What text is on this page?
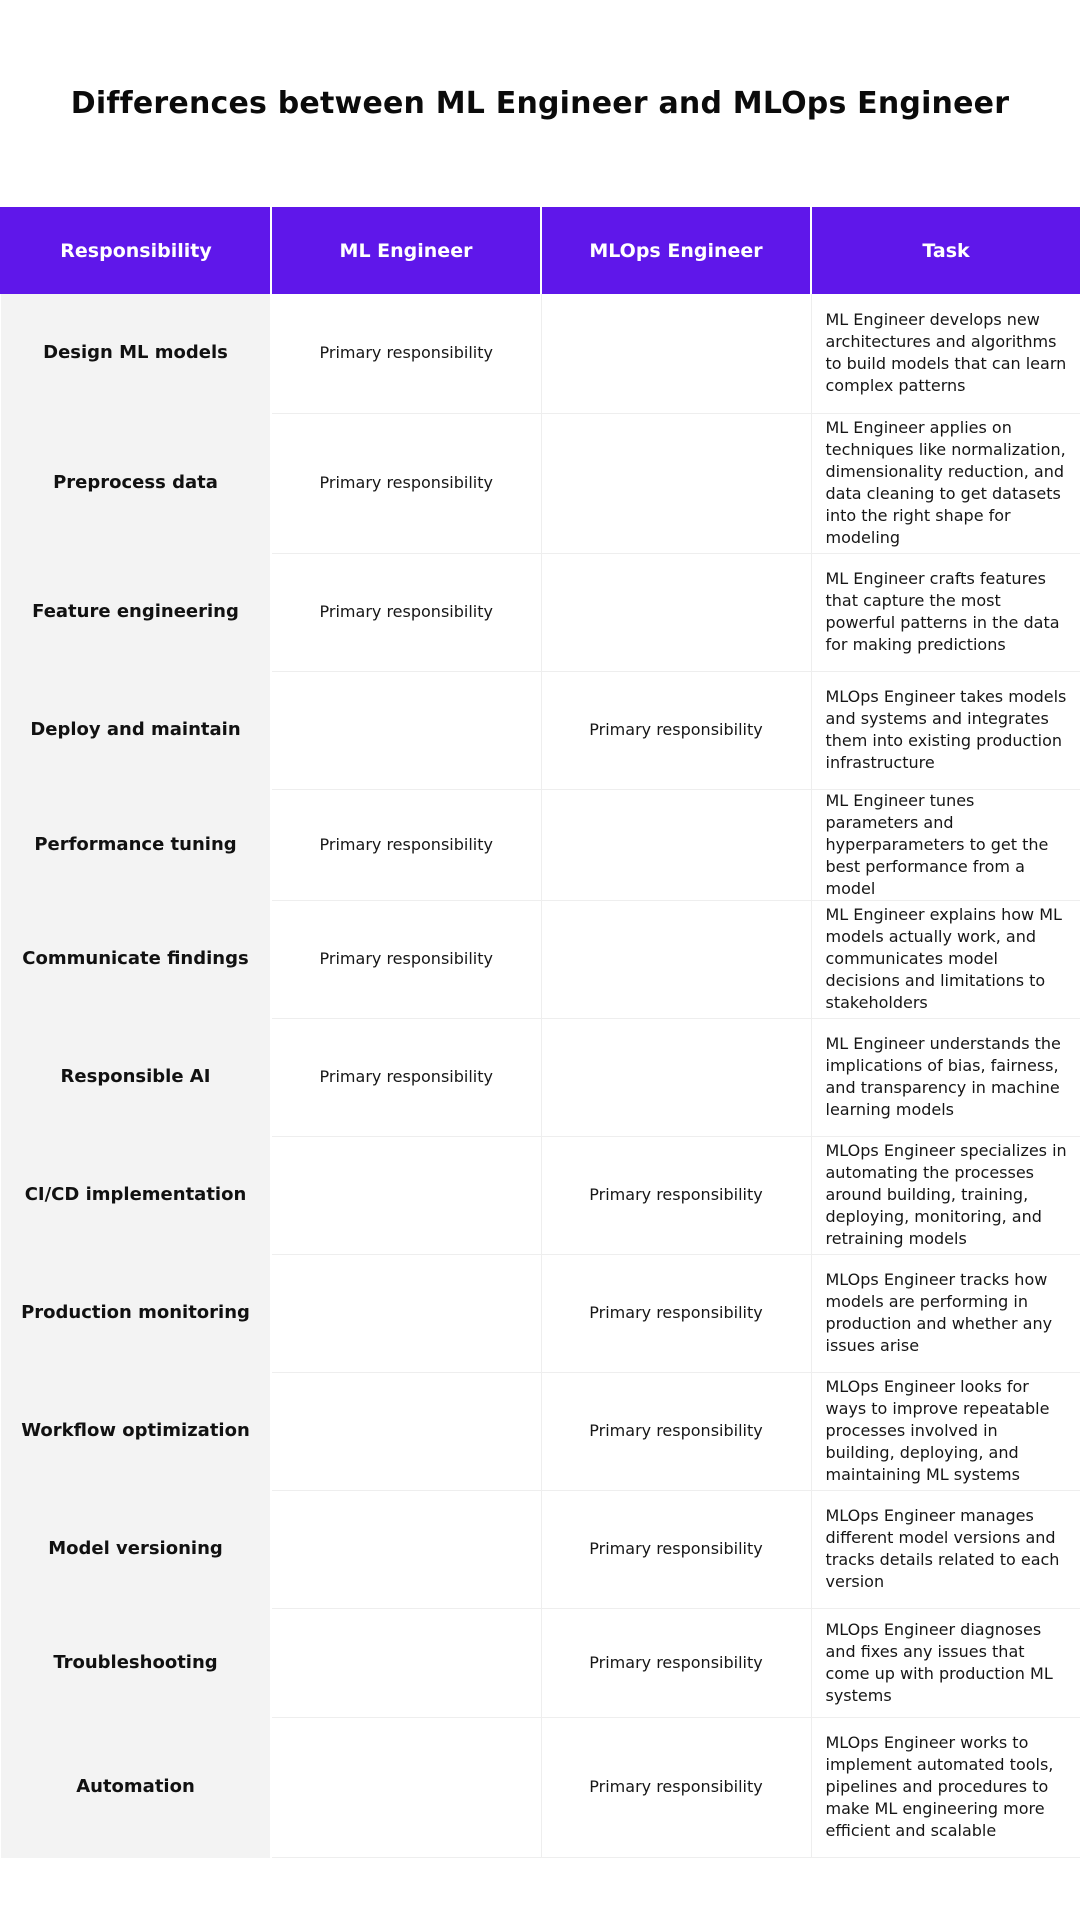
Differences between ML Engineer and MLOps Engineer
Responsibility	ML Engineer	MLOps Engineer	Task
Design ML models	Primary responsibility		ML Engineer develops new architectures and algorithms to build models that can learn complex patterns
Preprocess data	Primary responsibility		ML Engineer applies on techniques like normalization, dimensionality reduction, and data cleaning to get datasets into the right shape for modeling
Feature engineering	Primary responsibility		ML Engineer crafts features that capture the most powerful patterns in the data for making predictions
Deploy and maintain		Primary responsibility	MLOps Engineer takes models and systems and integrates them into existing production infrastructure
Performance tuning	Primary responsibility		ML Engineer tunes parameters and hyperparameters to get the best performance from a model
Communicate findings	Primary responsibility		ML Engineer explains how ML models actually work, and communicates model decisions and limitations to stakeholders
Responsible AI	Primary responsibility		ML Engineer understands the implications of bias, fairness, and transparency in machine learning models
CI/CD implementation		Primary responsibility	MLOps Engineer specializes in automating the processes around building, training, deploying, monitoring, and retraining models
Production monitoring		Primary responsibility	MLOps Engineer tracks how models are performing in production and whether any issues arise
Workflow optimization		Primary responsibility	MLOps Engineer looks for ways to improve repeatable processes involved in building, deploying, and maintaining ML systems
Model versioning		Primary responsibility	MLOps Engineer manages different model versions and tracks details related to each version
Troubleshooting		Primary responsibility	MLOps Engineer diagnoses and fixes any issues that come up with production ML systems
Automation		Primary responsibility	MLOps Engineer works to implement automated tools, pipelines and procedures to make ML engineering more efficient and scalable
